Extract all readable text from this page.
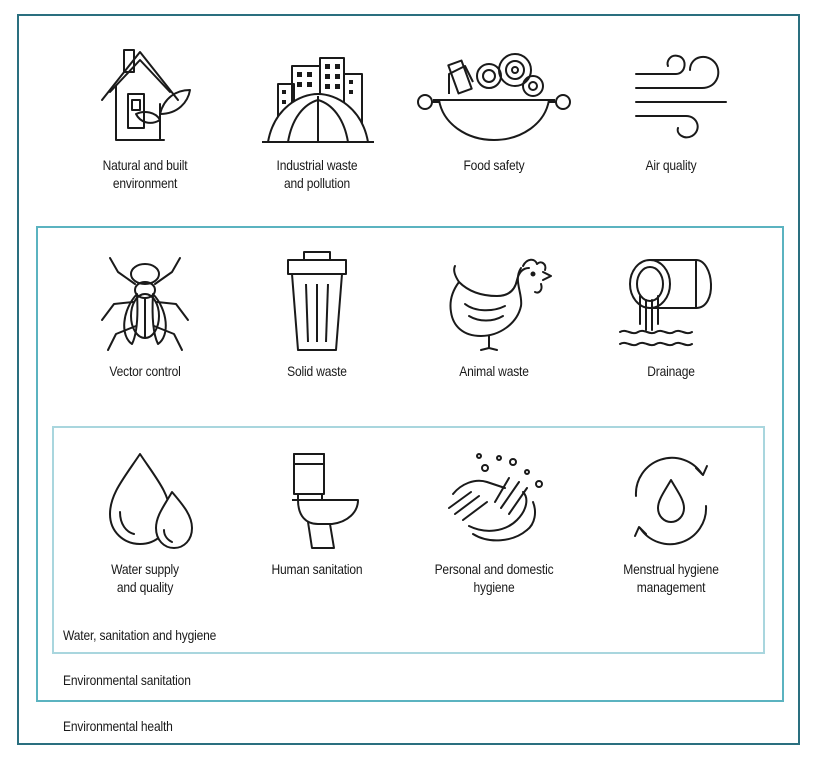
Environmental health
Environmental sanitation
Water, sanitation and hygiene
Natural and built
environment
Industrial waste
and pollution
Food safety	Air quality
Vector control	Solid waste	Animal waste	Drainage
Water supply
and quality
Human sanitation	Personal and domestic
hygiene
Menstrual hygiene
management
